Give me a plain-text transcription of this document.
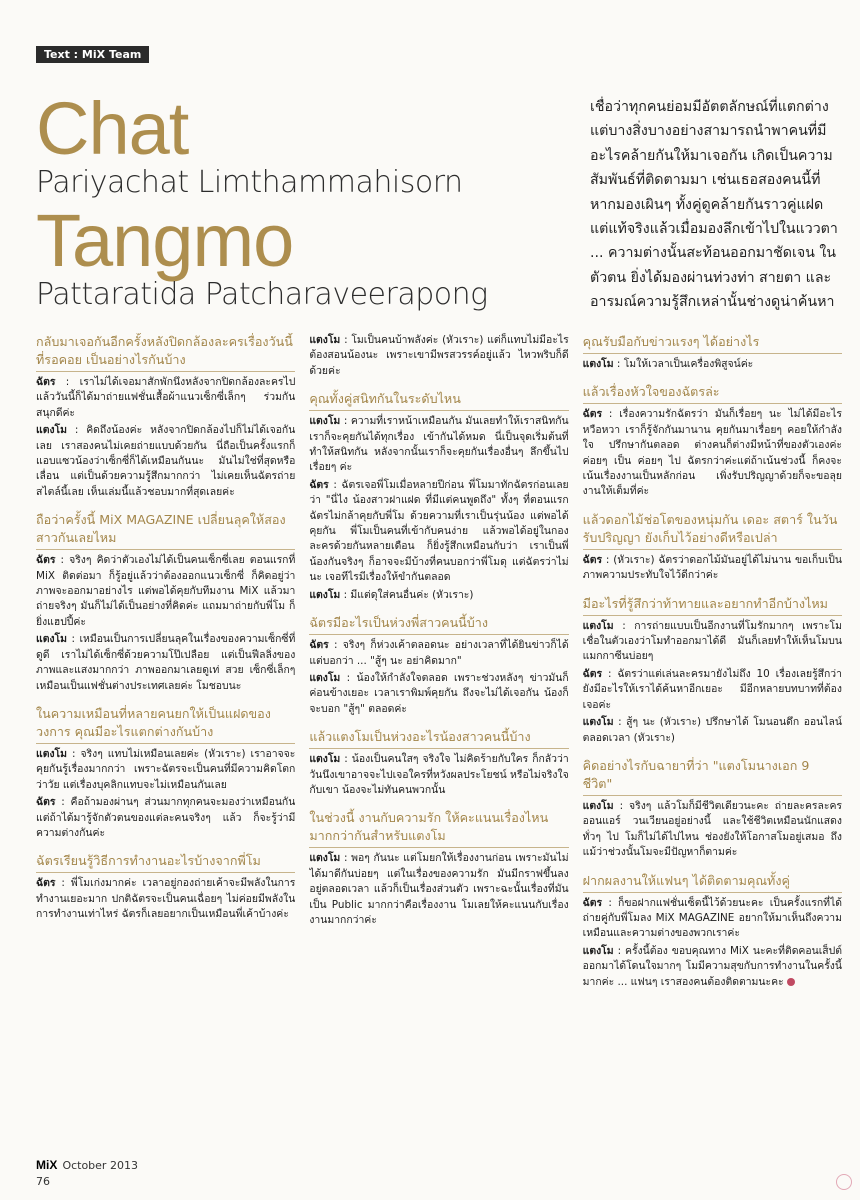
Text : MiX Team
Chat
Pariyachat Limthammahisorn
Tangmo
Pattaratida Patcharaveerapong
เชื่อว่าทุกคนย่อมมีอัตตลักษณ์ที่แตกต่าง แต่บางสิ่งบางอย่างสามารถนำพาคนที่มีอะไรคล้ายกันให้มาเจอกัน เกิดเป็นความสัมพันธ์ที่ติดตามมา เช่นเธอสองคนนี้ที่หากมองเผินๆ ทั้งคู่ดูคล้ายกันราวคู่แฝด แต่แท้จริงแล้วเมื่อมองลึกเข้าไปในแววตา ... ความต่างนั้นสะท้อนออกมาชัดเจน ในตัวตน ยิ่งได้มองผ่านท่วงท่า สายตา และอารมณ์ความรู้สึกเหล่านั้นช่างดูน่าค้นหา
กลับมาเจอกันอีกครั้งหลังปิดกล้องละครเรื่องวันนี้ที่รอคอย เป็นอย่างไรกันบ้าง

ฉัตร : เราไม่ได้เจอมาสักพักนึงหลังจากปิดกล้องละครไป แล้ววันนี้ก็ได้มาถ่ายแฟชั่นเสื้อผ้าแนวเซ็กซี่เล็กๆ ร่วมกัน สนุกดีค่ะ

แตงโม : คิดถึงน้องค่ะ หลังจากปิดกล้องไปก็ไม่ได้เจอกันเลย เราสองคนไม่เคยถ่ายแบบด้วยกัน นี่ถือเป็นครั้งแรกก็แอบแซวน้องว่าเซ็กซี่ก็ได้เหมือนกันนะ มันไม่ใช่ที่สุดหรือเลื่อน แต่เป็นด้วยความรู้สึกมากกว่า ไม่เคยเห็นฉัตรถ่ายสไตล์นี้เลย เห็นเล่มนี้แล้วชอบมากที่สุดเลยค่ะ

ถือว่าครั้งนี้ MiX MAGAZINE เปลี่ยนลุคให้สองสาวกันเลยไหม

ฉัตร : จริงๆ คิดว่าตัวเองไม่ได้เป็นคนเซ็กซี่เลย ตอนแรกที่ MiX ติดต่อมา ก็รู้อยู่แล้วว่าต้องออกแนวเซ็กซี่ ก็คิดอยู่ว่าภาพจะออกมาอย่างไร แต่พอได้คุยกับทีมงาน MiX แล้วมาถ่ายจริงๆ มันก็ไม่ได้เป็นอย่างที่คิดค่ะ แถมมาถ่ายกับพี่โม ก็ยิ่งแฮปปี้ค่ะ

แตงโม : เหมือนเป็นการเปลี่ยนลุคในเรื่องของความเซ็กซี่ที่ดูดี เราไม่ได้เซ็กซี่ด้วยความโป๊เปลือย แต่เป็นฟีลลิ่งของภาพและแสงมากกว่า ภาพออกมาเลยดูเท่ สวย เซ็กซี่เล็กๆ เหมือนเป็นแฟชั่นต่างประเทศเลยค่ะ โมชอบนะ

ในความเหมือนที่หลายคนยกให้เป็นแฝดของวงการ คุณมีอะไรแตกต่างกันบ้าง

แตงโม : จริงๆ แทบไม่เหมือนเลยค่ะ (หัวเราะ) เราอาจจะคุยกันรู้เรื่องมากกว่า เพราะฉัตรจะเป็นคนที่มีความคิดโตกว่าวัย แต่เรื่องบุคลิกแทบจะไม่เหมือนกันเลย

ฉัตร : คือถ้ามองผ่านๆ ส่วนมากทุกคนจะมองว่าเหมือนกัน แต่ถ้าได้มารู้จักตัวตนของแต่ละคนจริงๆ แล้ว ก็จะรู้ว่ามีความต่างกันค่ะ

ฉัตรเรียนรู้วิธีการทำงานอะไรบ้างจากพี่โม

ฉัตร : พี่โมเก่งมากค่ะ เวลาอยู่กองถ่ายเค้าจะมีพลังในการทำงานเยอะมาก ปกติฉัตรจะเป็นคนเฉื่อยๆ ไม่ค่อยมีพลังในการทำงานเท่าไหร่ ฉัตรก็เลยอยากเป็นเหมือนพี่เค้าบ้างค่ะ

แตงโม : โมเป็นคนบ้าพลังค่ะ (หัวเราะ) แต่ก็แทบไม่มีอะไรต้องสอนน้องนะ เพราะเขามีพรสวรรค์อยู่แล้ว ไหวพริบก็ดีด้วยค่ะ

คุณทั้งคู่สนิทกันในระดับไหน

แตงโม : ความที่เราหน้าเหมือนกัน มันเลยทำให้เราสนิทกัน เราก็จะคุยกันได้ทุกเรื่อง เข้ากันได้หมด นี่เป็นจุดเริ่มต้นที่ทำให้สนิทกัน หลังจากนั้นเราก็จะคุยกันเรื่องอื่นๆ ลึกขึ้นไปเรื่อยๆ ค่ะ

ฉัตร : ฉัตรเจอพี่โมเมื่อหลายปีก่อน พี่โมมาทักฉัตรก่อนเลยว่า "นี่ไง น้องสาวฝาแฝด ที่มีแต่คนพูดถึง" ทั้งๆ ที่ตอนแรกฉัตรไม่กล้าคุยกับพี่โม ด้วยความที่เราเป็นรุ่นน้อง แต่พอได้คุยกัน พี่โมเป็นคนที่เข้ากับคนง่าย แล้วพอได้อยู่ในกองละครด้วยกันหลายเดือน ก็ยิ่งรู้สึกเหมือนกับว่า เราเป็นพี่น้องกันจริงๆ ก็อาจจะมีบ้างที่คนบอกว่าพี่โมดุ แต่ฉัตรว่าไม่นะ เจอทีไรมีเรื่องให้ขำกันตลอด

แตงโม : มีแต่ดุใส่คนอื่นค่ะ (หัวเราะ)

ฉัตรมีอะไรเป็นห่วงพี่สาวคนนี้บ้าง

ฉัตร : จริงๆ ก็ห่วงเค้าตลอดนะ อย่างเวลาที่ได้ยินข่าวก็ได้แต่บอกว่า ... "สู้ๆ นะ อย่าคิดมาก"

แตงโม : น้องให้กำลังใจตลอด เพราะช่วงหลังๆ ข่าวมันก็ค่อนข้างเยอะ เวลาเราพิมพ์คุยกัน ถึงจะไม่ได้เจอกัน น้องก็จะบอก "สู้ๆ" ตลอดค่ะ

แล้วแตงโมเป็นห่วงอะไรน้องสาวคนนี้บ้าง

แตงโม : น้องเป็นคนใสๆ จริงใจ ไม่คิดร้ายกับใคร ก็กลัวว่าวันนึงเขาอาจจะไปเจอใครที่หวังผลประโยชน์ หรือไม่จริงใจกับเขา น้องจะไม่ทันคนพวกนั้น

ในช่วงนี้ งานกับความรัก ให้คะแนนเรื่องไหนมากกว่ากันสำหรับแตงโม

แตงโม : พอๆ กันนะ แต่โมยกให้เรื่องงานก่อน เพราะมันไม่ได้มาดีกันบ่อยๆ แต่ในเรื่องของความรัก มันมีกราฟขึ้นลงอยู่ตลอดเวลา แล้วก็เป็นเรื่องส่วนตัว เพราะฉะนั้นเรื่องที่มันเป็น Public มากกว่าคือเรื่องงาน โมเลยให้คะแนนกับเรื่องงานมากกว่าค่ะ

คุณรับมือกับข่าวแรงๆ ได้อย่างไร

แตงโม : โมให้เวลาเป็นเครื่องพิสูจน์ค่ะ

แล้วเรื่องหัวใจของฉัตรล่ะ

ฉัตร : เรื่องความรักฉัตรว่า มันก็เรื่อยๆ นะ ไม่ได้มีอะไรหวือหวา เราก็รู้จักกันมานาน คุยกันมาเรื่อยๆ คอยให้กำลังใจ ปรึกษากันตลอด ต่างคนก็ต่างมีหน้าที่ของตัวเองค่ะ ค่อยๆ เป็น ค่อยๆ ไป ฉัตรกว่าค่ะแต่ถ้าเน้นช่วงนี้ ก็คงจะเน้นเรื่องงานเป็นหลักก่อน เพิ่งรับปริญญาด้วยก็จะขอลุยงานให้เต็มที่ค่ะ

แล้วดอกไม้ช่อโตของหนุ่มกัน เดอะ สตาร์ ในวันรับปริญญา ยังเก็บไว้อย่างดีหรือเปล่า

ฉัตร : (หัวเราะ) ฉัตรว่าดอกไม้มันอยู่ได้ไม่นาน ขอเก็บเป็นภาพความประทับใจไว้ดีกว่าค่ะ

มีอะไรที่รู้สึกว่าท้าทายและอยากทำอีกบ้างไหม

แตงโม : การถ่ายแบบเป็นอีกงานที่โมรักมากๆ เพราะโมเชื่อในตัวเองว่าโมทำออกมาได้ดี มันก็เลยทำให้เห็นโมบนแมกกาซีนบ่อยๆ

ฉัตร : ฉัตรว่าแต่เล่นละครมายังไม่ถึง 10 เรื่องเลยรู้สึกว่ายังมีอะไรให้เราได้ค้นหาอีกเยอะ มีอีกหลายบทบาทที่ต้องเจอค่ะ

แตงโม : สู้ๆ นะ (หัวเราะ) ปรึกษาได้ โมนอนดึก ออนไลน์ตลอดเวลา (หัวเราะ)

คิดอย่างไรกับฉายาที่ว่า "แตงโมนางเอก 9 ชีวิต"

แตงโม : จริงๆ แล้วโมก็มีชีวิตเดียวนะคะ ถ่ายละครละครออนแอร์ วนเวียนอยู่อย่างนี้ และใช้ชีวิตเหมือนนักแสดงทั่วๆ ไป โมก็ไม่ได้ไปไหน ช่องยังให้โอกาสโมอยู่เสมอ ถึงแม้ว่าช่วงนั้นโมจะมีปัญหาก็ตามค่ะ

ฝากผลงานให้แฟนๆ ได้ติดตามคุณทั้งคู่

ฉัตร : ก็ขอฝากแฟชั่นเซ็ตนี้ไว้ด้วยนะคะ เป็นครั้งแรกที่ได้ถ่ายคู่กับพี่โมลง MiX MAGAZINE อยากให้มาเห็นถึงความเหมือนและความต่างของพวกเราค่ะ

แตงโม : ครั้งนี้ต้อง ขอบคุณทาง MiX นะคะที่ติดคอนเส็ปต์ออกมาได้โดนใจมากๆ โมมีความสุขกับการทำงานในครั้งนี้มากค่ะ ... แฟนๆ เราสองคนต้องติดตามนะคะ

MiX October 2013
76
